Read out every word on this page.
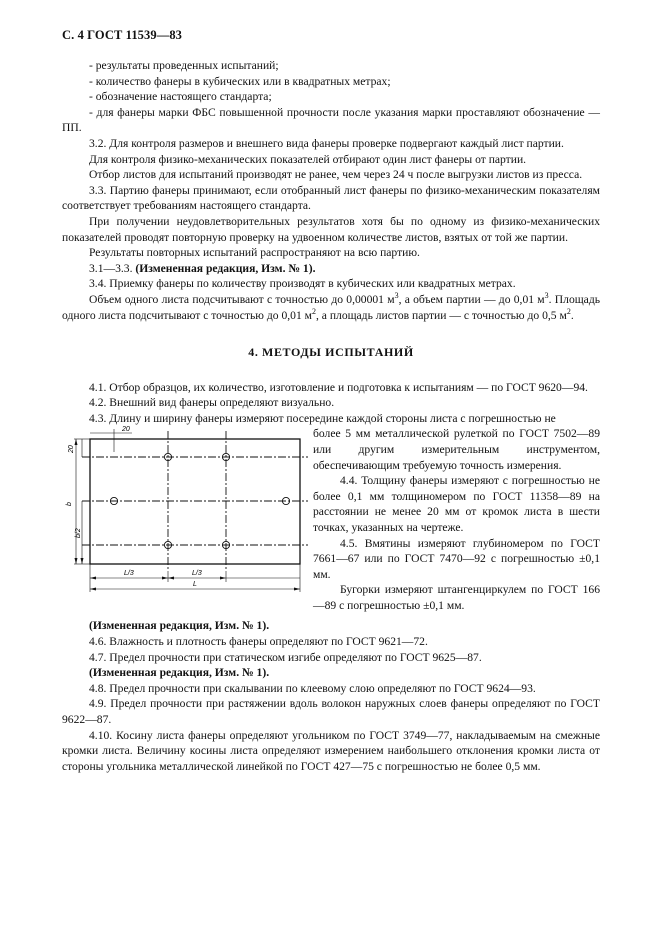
С. 4 ГОСТ 11539—83

- результаты проведенных испытаний;

- количество фанеры в кубических или в квадратных метрах;

- обозначение настоящего стандарта;

- для фанеры марки ФБС повышенной прочности после указания марки проставляют обозначение — ПП.

3.2. Для контроля размеров и внешнего вида фанеры проверке подвергают каждый лист партии.

Для контроля физико-механических показателей отбирают один лист фанеры от партии.

Отбор листов для испытаний производят не ранее, чем через 24 ч после выгрузки листов из пресса.

3.3. Партию фанеры принимают, если отобранный лист фанеры по физико-механическим показателям соответствует требованиям настоящего стандарта.

При получении неудовлетворительных результатов хотя бы по одному из физико-механических показателей проводят повторную проверку на удвоенном количестве листов, взятых от той же партии.

Результаты повторных испытаний распространяют на всю партию.

3.1—3.3. (Измененная редакция, Изм. № 1).

3.4. Приемку фанеры по количеству производят в кубических или квадратных метрах.

Объем одного листа подсчитывают с точностью до 0,00001 $м^3$, а объем партии — до 0,01 $м^3$. Площадь одного листа подсчитывают с точностью до 0,01 $м^2$, а площадь листов партии — с точностью до 0,5 $м^2$.

4. МЕТОДЫ ИСПЫТАНИЙ

4.1. Отбор образцов, их количество, изготовление и подготовка к испытаниям — по ГОСТ 9620—94.

4.2. Внешний вид фанеры определяют визуально.

4.3. Длину и ширину фанеры измеряют посередине каждой стороны листа с погрешностью не

20
20
b
b/2
L/3	L/3
L

более 5 мм металлической рулеткой по ГОСТ 7502—89 или другим измерительным инструментом, обеспечивающим требуемую точность измерения.

4.4. Толщину фанеры измеряют с погрешностью не более 0,1 мм толщиномером по ГОСТ 11358—89 на расстоянии не менее 20 мм от кромок листа в шести точках, указанных на чертеже.

4.5. Вмятины измеряют глубиномером по ГОСТ 7661—67 или по ГОСТ 7470—92 с погрешностью ±0,1 мм.

Бугорки измеряют штангенциркулем по ГОСТ 166—89 с погрешностью ±0,1 мм.

(Измененная редакция, Изм. № 1).

4.6. Влажность и плотность фанеры определяют по ГОСТ 9621—72.

4.7. Предел прочности при статическом изгибе определяют по ГОСТ 9625—87.

(Измененная редакция, Изм. № 1).

4.8. Предел прочности при скалывании по клеевому слою определяют по ГОСТ 9624—93.

4.9. Предел прочности при растяжении вдоль волокон наружных слоев фанеры определяют по ГОСТ 9622—87.

4.10. Косину листа фанеры определяют угольником по ГОСТ 3749—77, накладываемым на смежные кромки листа. Величину косины листа определяют измерением наибольшего отклонения кромки листа от стороны угольника металлической линейкой по ГОСТ 427—75 с погрешностью не более 0,5 мм.
